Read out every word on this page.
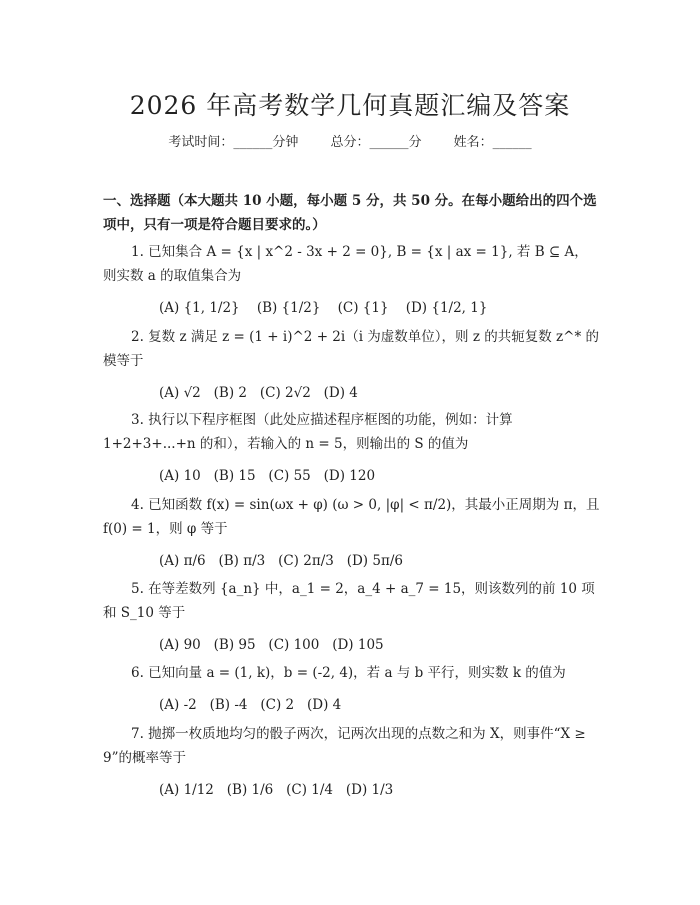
2026 年高考数学几何真题汇编及答案
考试时间：______分钟 总分：______分 姓名：______
一、选择题（本大题共 10 小题，每小题 5 分，共 50 分。在每小题给出的四个选项中，只有一项是符合题目要求的。）
1. 已知集合 A = {x | x^2 - 3x + 2 = 0}, B = {x | ax = 1}, 若 B ⊆ A，则实数 a 的取值集合为
(A) {1, 1/2}    (B) {1/2}    (C) {1}    (D) {1/2, 1}
2. 复数 z 满足 z = (1 + i)^2 + 2i（i 为虚数单位），则 z 的共轭复数 z^* 的模等于
(A) √2   (B) 2   (C) 2√2   (D) 4
3. 执行以下程序框图（此处应描述程序框图的功能，例如：计算 1+2+3+...+n 的和），若输入的 n = 5，则输出的 S 的值为
(A) 10   (B) 15   (C) 55   (D) 120
4. 已知函数 f(x) = sin(ωx + φ) (ω > 0, |φ| < π/2)，其最小正周期为 π，且 f(0) = 1，则 φ 等于
(A) π/6   (B) π/3   (C) 2π/3   (D) 5π/6
5. 在等差数列 {a_n} 中，a_1 = 2，a_4 + a_7 = 15，则该数列的前 10 项和 S_10 等于
(A) 90   (B) 95   (C) 100   (D) 105
6. 已知向量 a = (1, k)，b = (-2, 4)，若 a 与 b 平行，则实数 k 的值为
(A) -2   (B) -4   (C) 2   (D) 4
7. 抛掷一枚质地均匀的骰子两次，记两次出现的点数之和为 X，则事件“X ≥ 9”的概率等于
(A) 1/12   (B) 1/6   (C) 1/4   (D) 1/3
